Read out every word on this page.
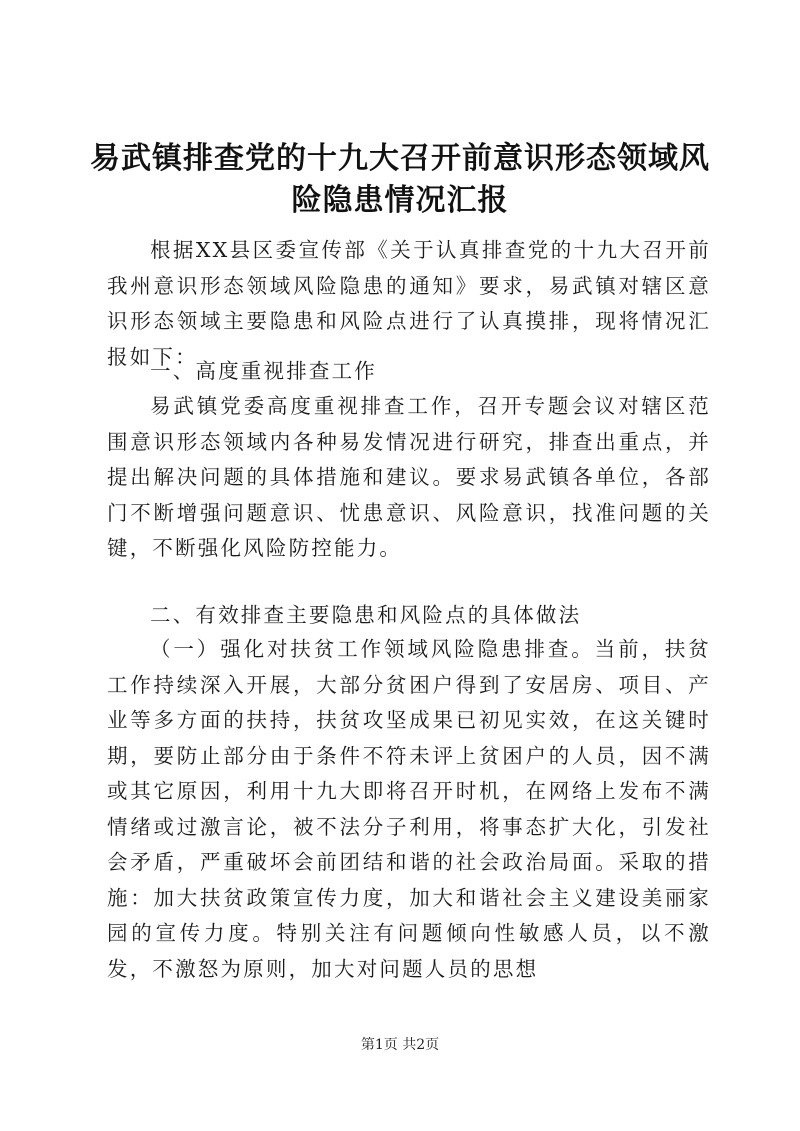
易武镇排查党的十九大召开前意识形态领域风险隐患情况汇报

根据XX县区委宣传部《关于认真排查党的十九大召开前我州意识形态领域风险隐患的通知》要求，易武镇对辖区意识形态领域主要隐患和风险点进行了认真摸排，现将情况汇报如下：

一、高度重视排查工作

易武镇党委高度重视排查工作，召开专题会议对辖区范围意识形态领域内各种易发情况进行研究，排查出重点，并提出解决问题的具体措施和建议。要求易武镇各单位，各部门不断增强问题意识、忧患意识、风险意识，找准问题的关键，不断强化风险防控能力。

二、有效排查主要隐患和风险点的具体做法

（一）强化对扶贫工作领域风险隐患排查。当前，扶贫工作持续深入开展，大部分贫困户得到了安居房、项目、产业等多方面的扶持，扶贫攻坚成果已初见实效，在这关键时期，要防止部分由于条件不符未评上贫困户的人员，因不满或其它原因，利用十九大即将召开时机，在网络上发布不满情绪或过激言论，被不法分子利用，将事态扩大化，引发社会矛盾，严重破坏会前团结和谐的社会政治局面。采取的措施：加大扶贫政策宣传力度，加大和谐社会主义建设美丽家园的宣传力度。特别关注有问题倾向性敏感人员，以不激发，不激怒为原则，加大对问题人员的思想

第1页 共2页
